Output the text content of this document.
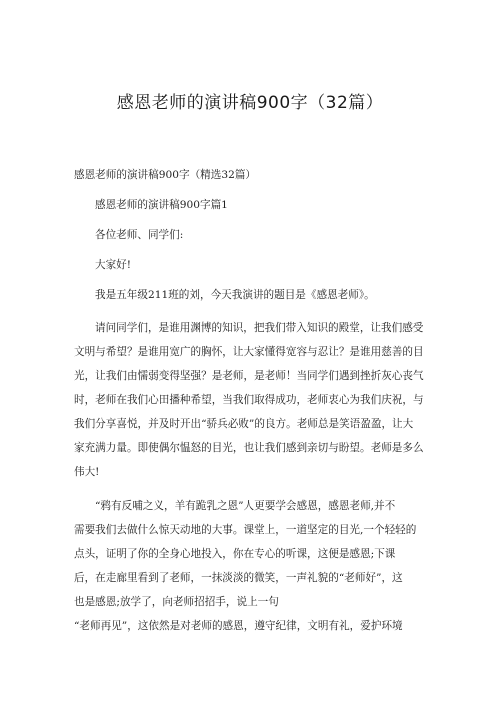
感恩老师的演讲稿900字（32篇）

感恩老师的演讲稿900字（精选32篇）

感恩老师的演讲稿900字篇1

各位老师、同学们:

大家好!

我是五年级211班的刘，今天我演讲的题目是《感恩老师》。

请问同学们，是谁用渊博的知识，把我们带入知识的殿堂，让我们感受
文明与希望？是谁用宽广的胸怀，让大家懂得宽容与忍让？是谁用慈善的目
光，让我们由懦弱变得坚强？是老师，是老师！当同学们遇到挫折灰心丧气
时，老师在我们心田播种希望，当我们取得成功，老师衷心为我们庆祝，与
我们分享喜悦，并及时开出“骄兵必败”的良方。老师总是笑语盈盈，让大
家充满力量。即使偶尔愠怒的目光，也让我们感到亲切与盼望。老师是多么
伟大!
“鸦有反哺之义，羊有跪乳之恩”人更要学会感恩，感恩老师,并不
需要我们去做什么惊天动地的大事。课堂上，一道坚定的目光,一个轻轻的
点头，证明了你的全身心地投入，你在专心的听课，这便是感恩;下课
后，在走廊里看到了老师，一抹淡淡的微笑，一声礼貌的“老师好”，这
也是感恩;放学了，向老师招招手，说上一句
“老师再见”，这依然是对老师的感恩，遵守纪律，文明有礼，爱护环境
